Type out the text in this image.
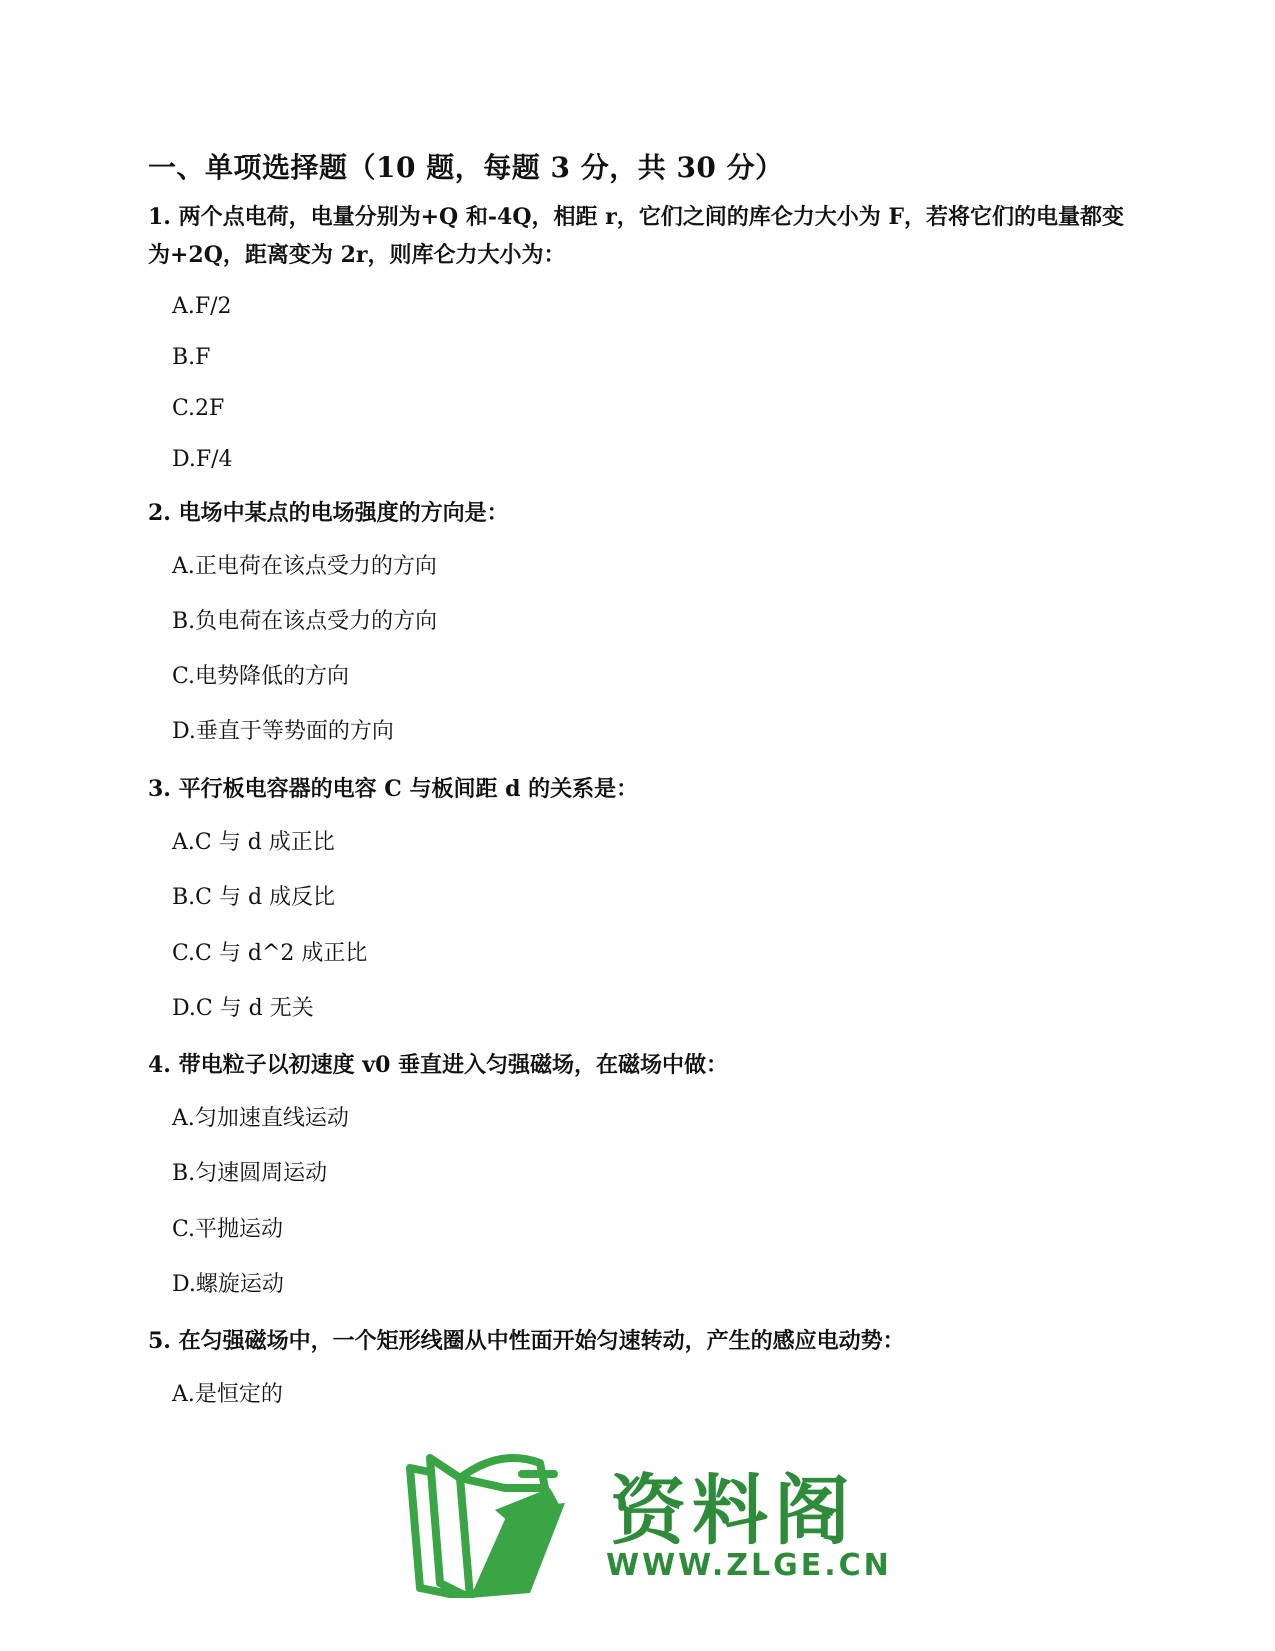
一、单项选择题（10 题，每题 3 分，共 30 分）
1. 两个点电荷，电量分别为+Q 和-4Q，相距 r，它们之间的库仑力大小为 F，若将它们的电量都变为+2Q，距离变为 2r，则库仑力大小为：
A.F/2
B.F
C.2F
D.F/4
2. 电场中某点的电场强度的方向是：
A.正电荷在该点受力的方向
B.负电荷在该点受力的方向
C.电势降低的方向
D.垂直于等势面的方向
3. 平行板电容器的电容 C 与板间距 d 的关系是：
A.C 与 d 成正比
B.C 与 d 成反比
C.C 与 d^2 成正比
D.C 与 d 无关
4. 带电粒子以初速度 v0 垂直进入匀强磁场，在磁场中做：
A.匀加速直线运动
B.匀速圆周运动
C.平抛运动
D.螺旋运动
5. 在匀强磁场中，一个矩形线圈从中性面开始匀速转动，产生的感应电动势：
A.是恒定的
资料阁
WWW.ZLGE.CN
